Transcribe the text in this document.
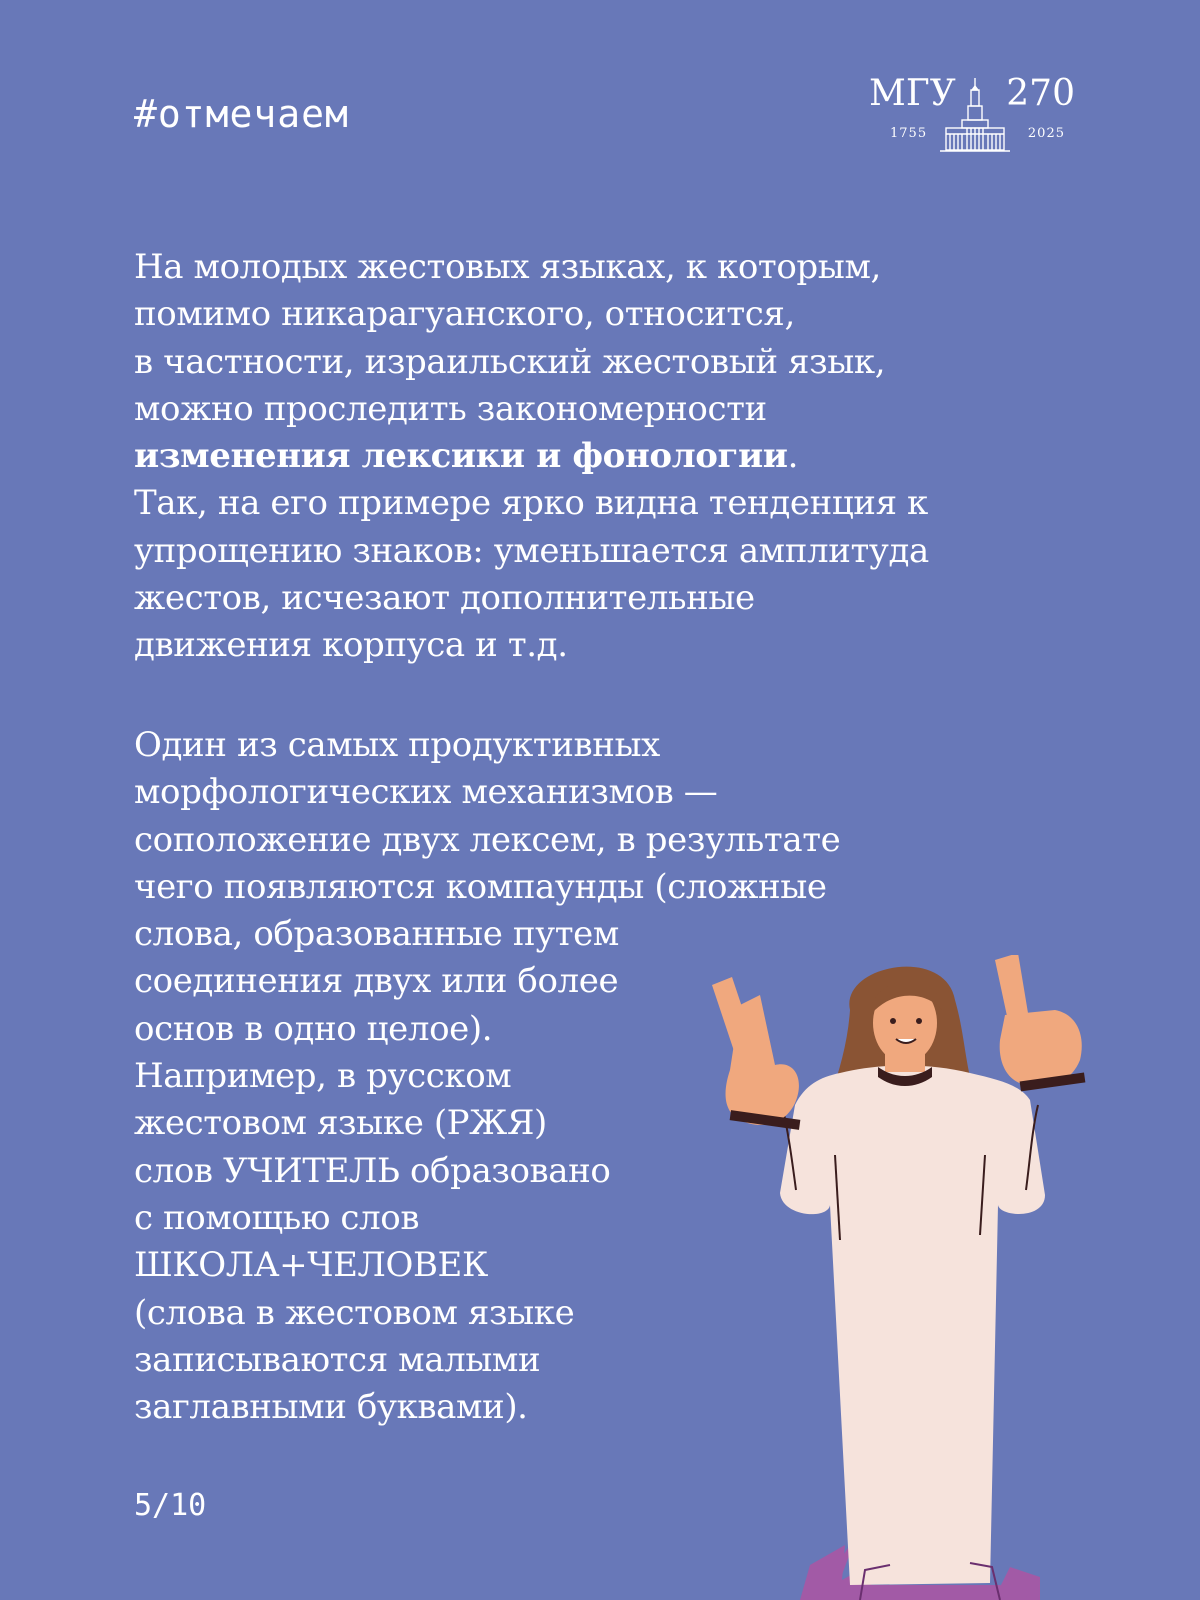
#отмечаем	МГУ 270
1755	2025
На молодых жестовых языках, к которым,
помимо никарагуанского, относится,
в частности, израильский жестовый язык,
можно проследить закономерности
изменения лексики и фонологии.
Так, на его примере ярко видна тенденция к
упрощению знаков: уменьшается амплитуда
жестов, исчезают дополнительные
движения корпуса и т.д.
Один из самых продуктивных
морфологических механизмов —
соположение двух лексем, в результате
чего появляются компаунды (сложные
слова, образованные путем
соединения двух или более
основ в одно целое).
Например, в русском
жестовом языке (РЖЯ)
слов УЧИТЕЛЬ образовано
с помощью слов
ШКОЛА+ЧЕЛОВЕК
(слова в жестовом языке
записываются малыми
заглавными буквами).
5/10
